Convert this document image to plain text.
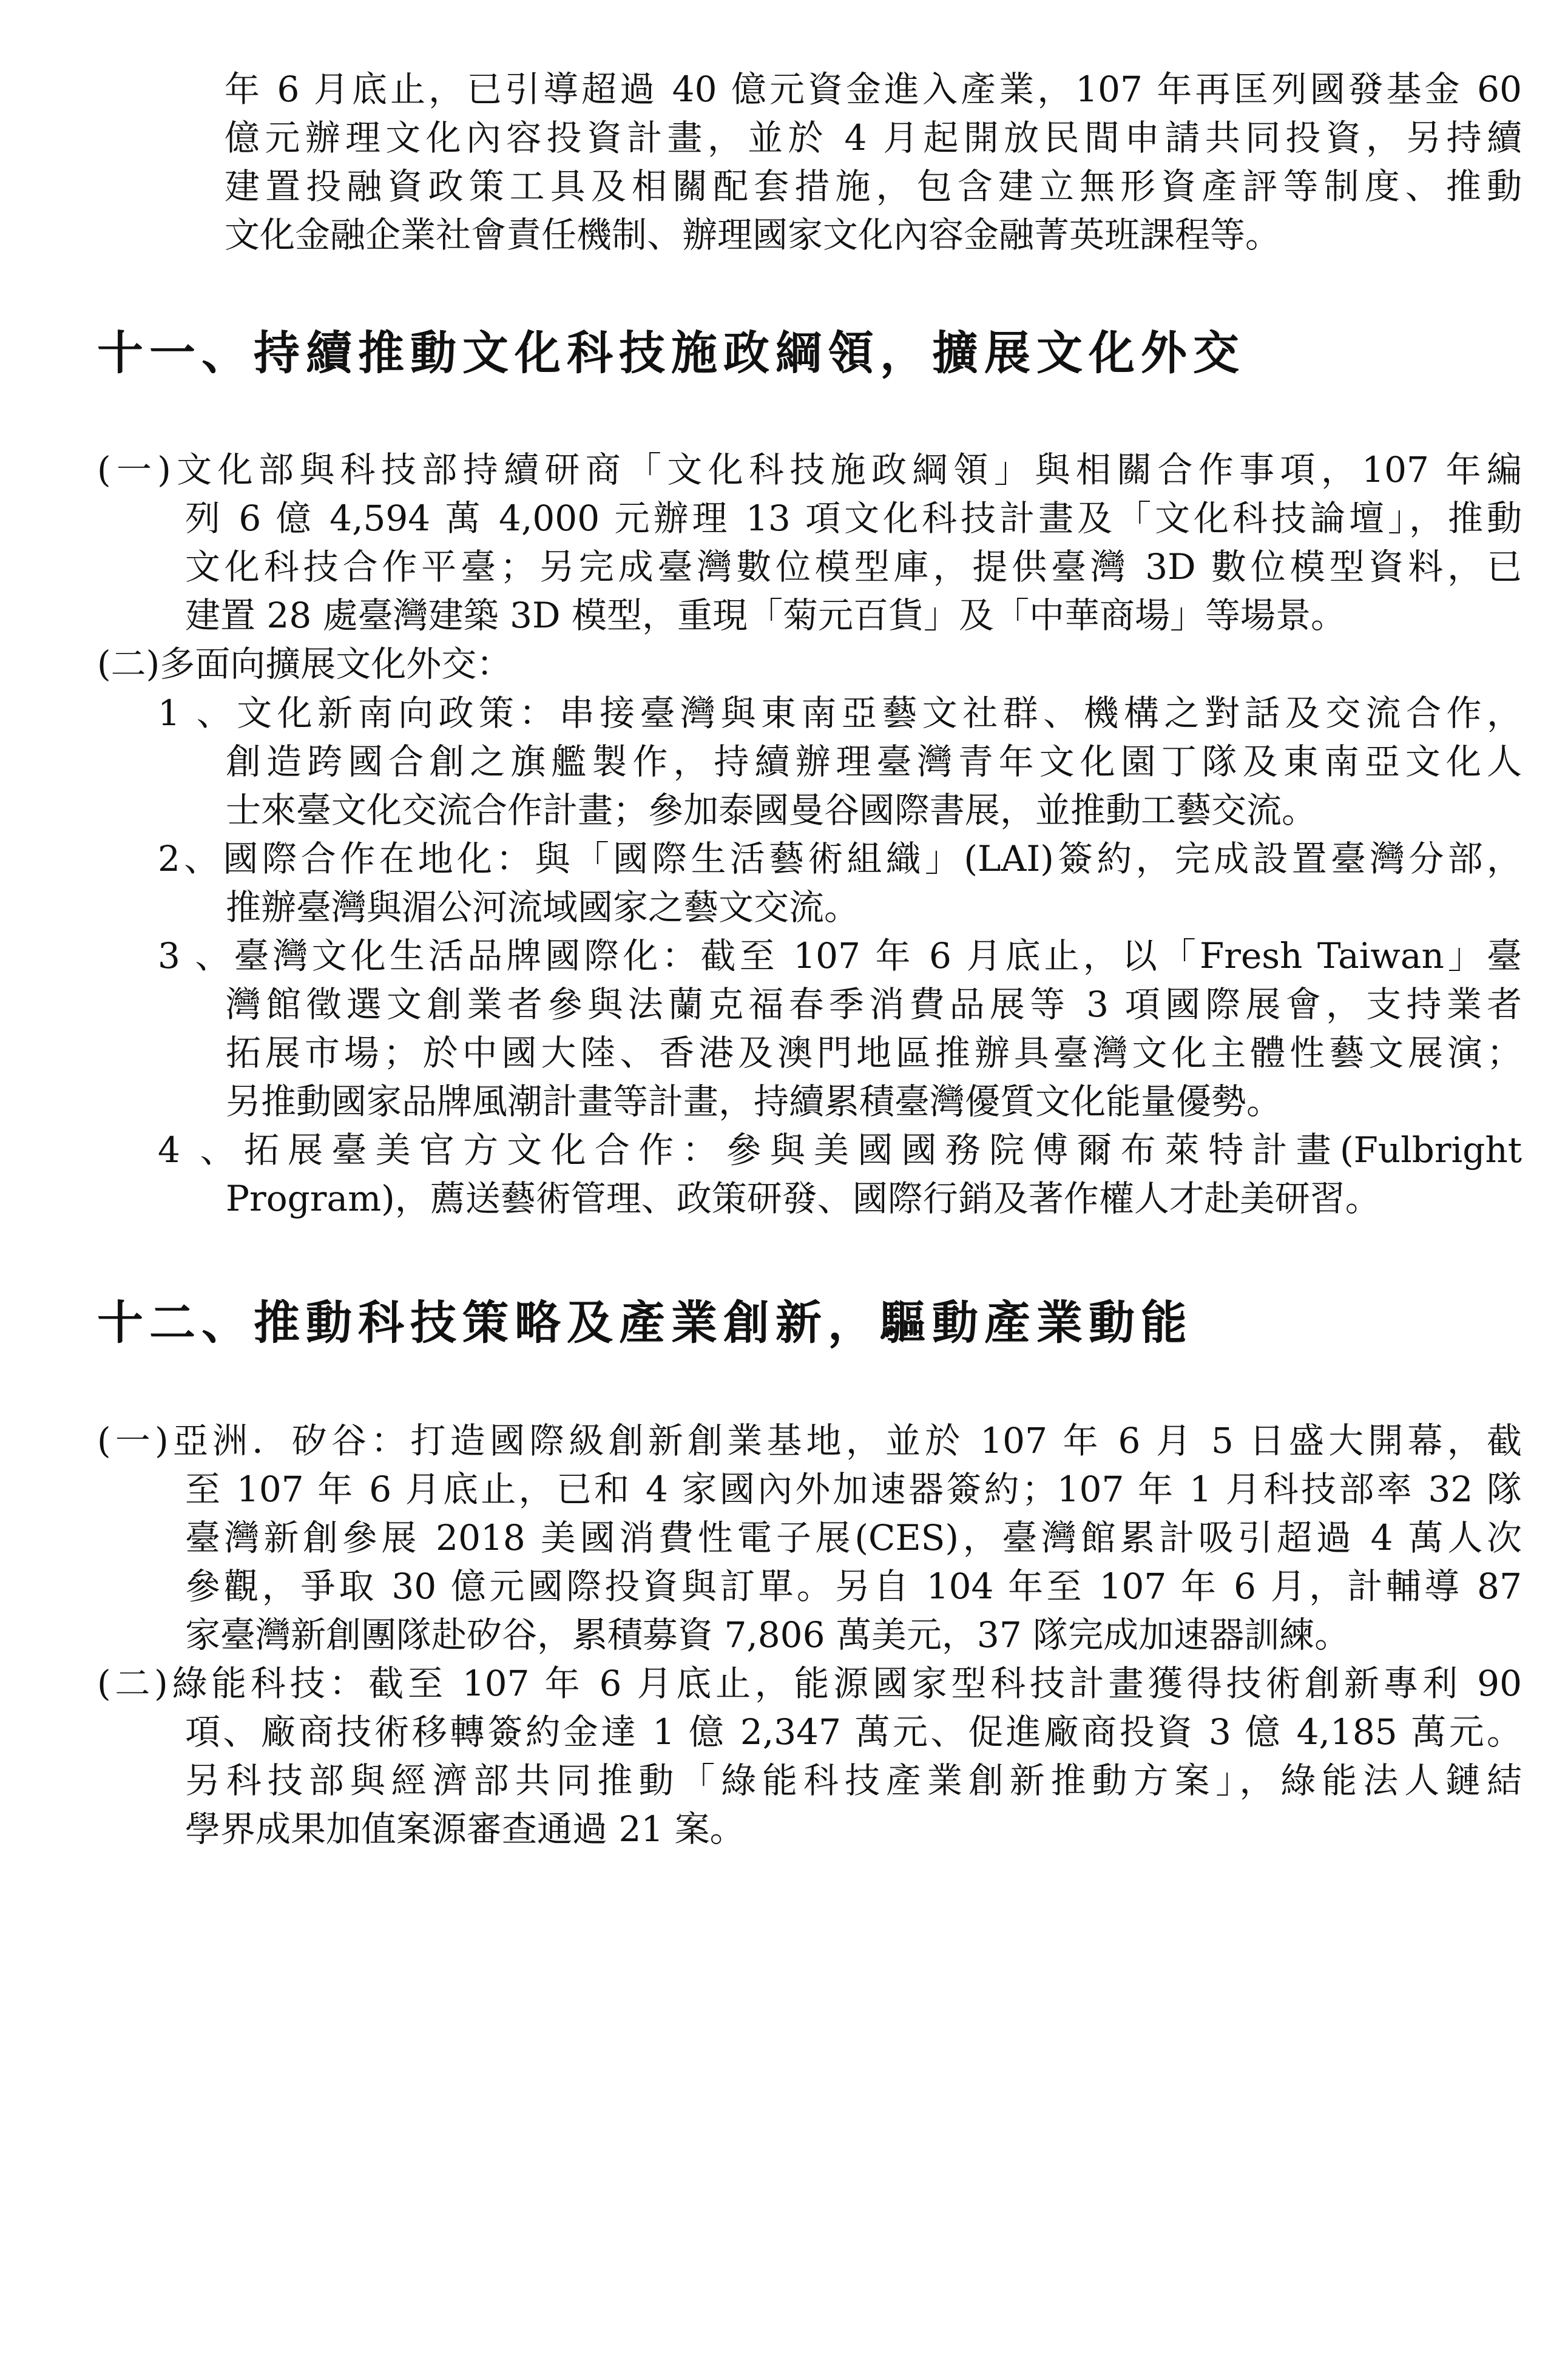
年 6 月底止，已引導超過 40 億元資金進入產業，107 年再匡列國發基金 60
億元辦理文化內容投資計畫，並於 4 月起開放民間申請共同投資，另持續
建置投融資政策工具及相關配套措施，包含建立無形資產評等制度、推動
文化金融企業社會責任機制、辦理國家文化內容金融菁英班課程等。
十一、持續推動文化科技施政綱領，擴展文化外交
(一)文化部與科技部持續研商「文化科技施政綱領」與相關合作事項，107 年編
列 6 億 4,594 萬 4,000 元辦理 13 項文化科技計畫及「文化科技論壇」，推動
文化科技合作平臺；另完成臺灣數位模型庫，提供臺灣 3D 數位模型資料，已
建置 28 處臺灣建築 3D 模型，重現「菊元百貨」及「中華商場」等場景。
(二)多面向擴展文化外交：
1 、文化新南向政策：串接臺灣與東南亞藝文社群、機構之對話及交流合作，
創造跨國合創之旗艦製作，持續辦理臺灣青年文化園丁隊及東南亞文化人
士來臺文化交流合作計畫；參加泰國曼谷國際書展，並推動工藝交流。
2、國際合作在地化：與「國際生活藝術組織」(LAI)簽約，完成設置臺灣分部，
推辦臺灣與湄公河流域國家之藝文交流。
3 、臺灣文化生活品牌國際化：截至 107 年 6 月底止，以「Fresh Taiwan」臺
灣館徵選文創業者參與法蘭克福春季消費品展等 3 項國際展會，支持業者
拓展市場；於中國大陸、香港及澳門地區推辦具臺灣文化主體性藝文展演；
另推動國家品牌風潮計畫等計畫，持續累積臺灣優質文化能量優勢。
4 、拓展臺美官方文化合作：參與美國國務院傅爾布萊特計畫(Fulbright
Program)，薦送藝術管理、政策研發、國際行銷及著作權人才赴美研習。
十二、推動科技策略及產業創新，驅動產業動能
(一)亞洲．矽谷：打造國際級創新創業基地，並於 107 年 6 月 5 日盛大開幕，截
至 107 年 6 月底止，已和 4 家國內外加速器簽約；107 年 1 月科技部率 32 隊
臺灣新創參展 2018 美國消費性電子展(CES)，臺灣館累計吸引超過 4 萬人次
參觀，爭取 30 億元國際投資與訂單。另自 104 年至 107 年 6 月，計輔導 87
家臺灣新創團隊赴矽谷，累積募資 7,806 萬美元，37 隊完成加速器訓練。
(二)綠能科技：截至 107 年 6 月底止，能源國家型科技計畫獲得技術創新專利 90
項、廠商技術移轉簽約金達 1 億 2,347 萬元、促進廠商投資 3 億 4,185 萬元。
另科技部與經濟部共同推動「綠能科技產業創新推動方案」，綠能法人鏈結
學界成果加值案源審查通過 21 案。
